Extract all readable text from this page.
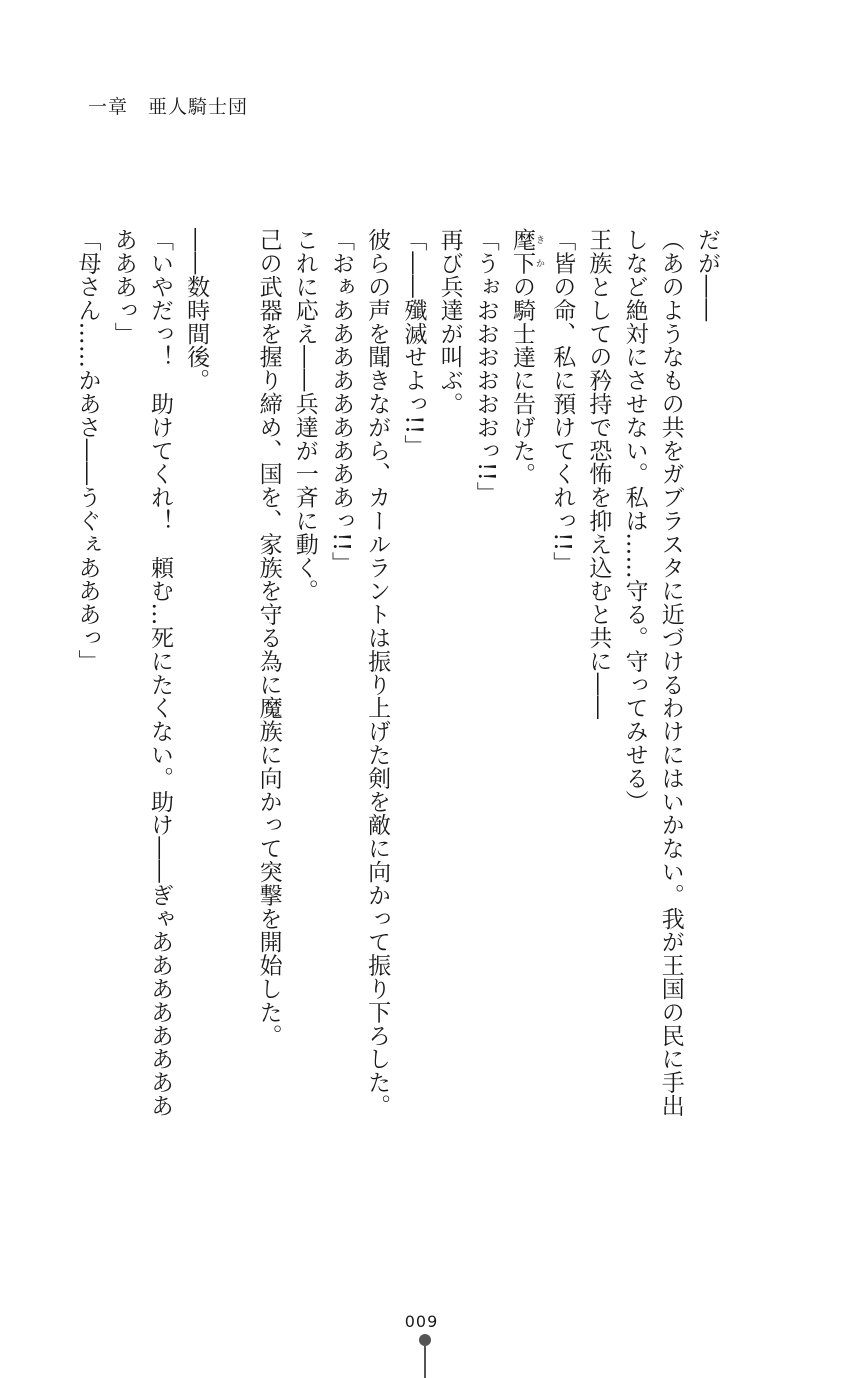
一章　亜人騎士団

だが――

（あのようなもの共をガブラスタに近づけるわけにはいかない。我が王国の民に手出しなど絶対にさせない。私は……守る。守ってみせる）

王族としての矜持で恐怖を抑え込むと共に――

「皆の命、私に預けてくれっ!!」

麾下 きかの騎士達に告げた。

「うぉおおおおおおっ!!」

再び兵達が叫ぶ。

「――殲滅せよっ!!」

彼らの声を聞きながら、カールラントは振り上げた剣を敵に向かって振り下ろした。

「おぁあああああああああっ!!」

これに応え――兵達が一斉に動く。

己の武器を握り締め、国を、家族を守る為に魔族に向かって突撃を開始した。

――数時間後。

「いやだっ！　助けてくれ！　頼む…死にたくない。助け――ぎゃあああああああああああっ」

「母さん……かあさ――うぐぇあああっ」

009
